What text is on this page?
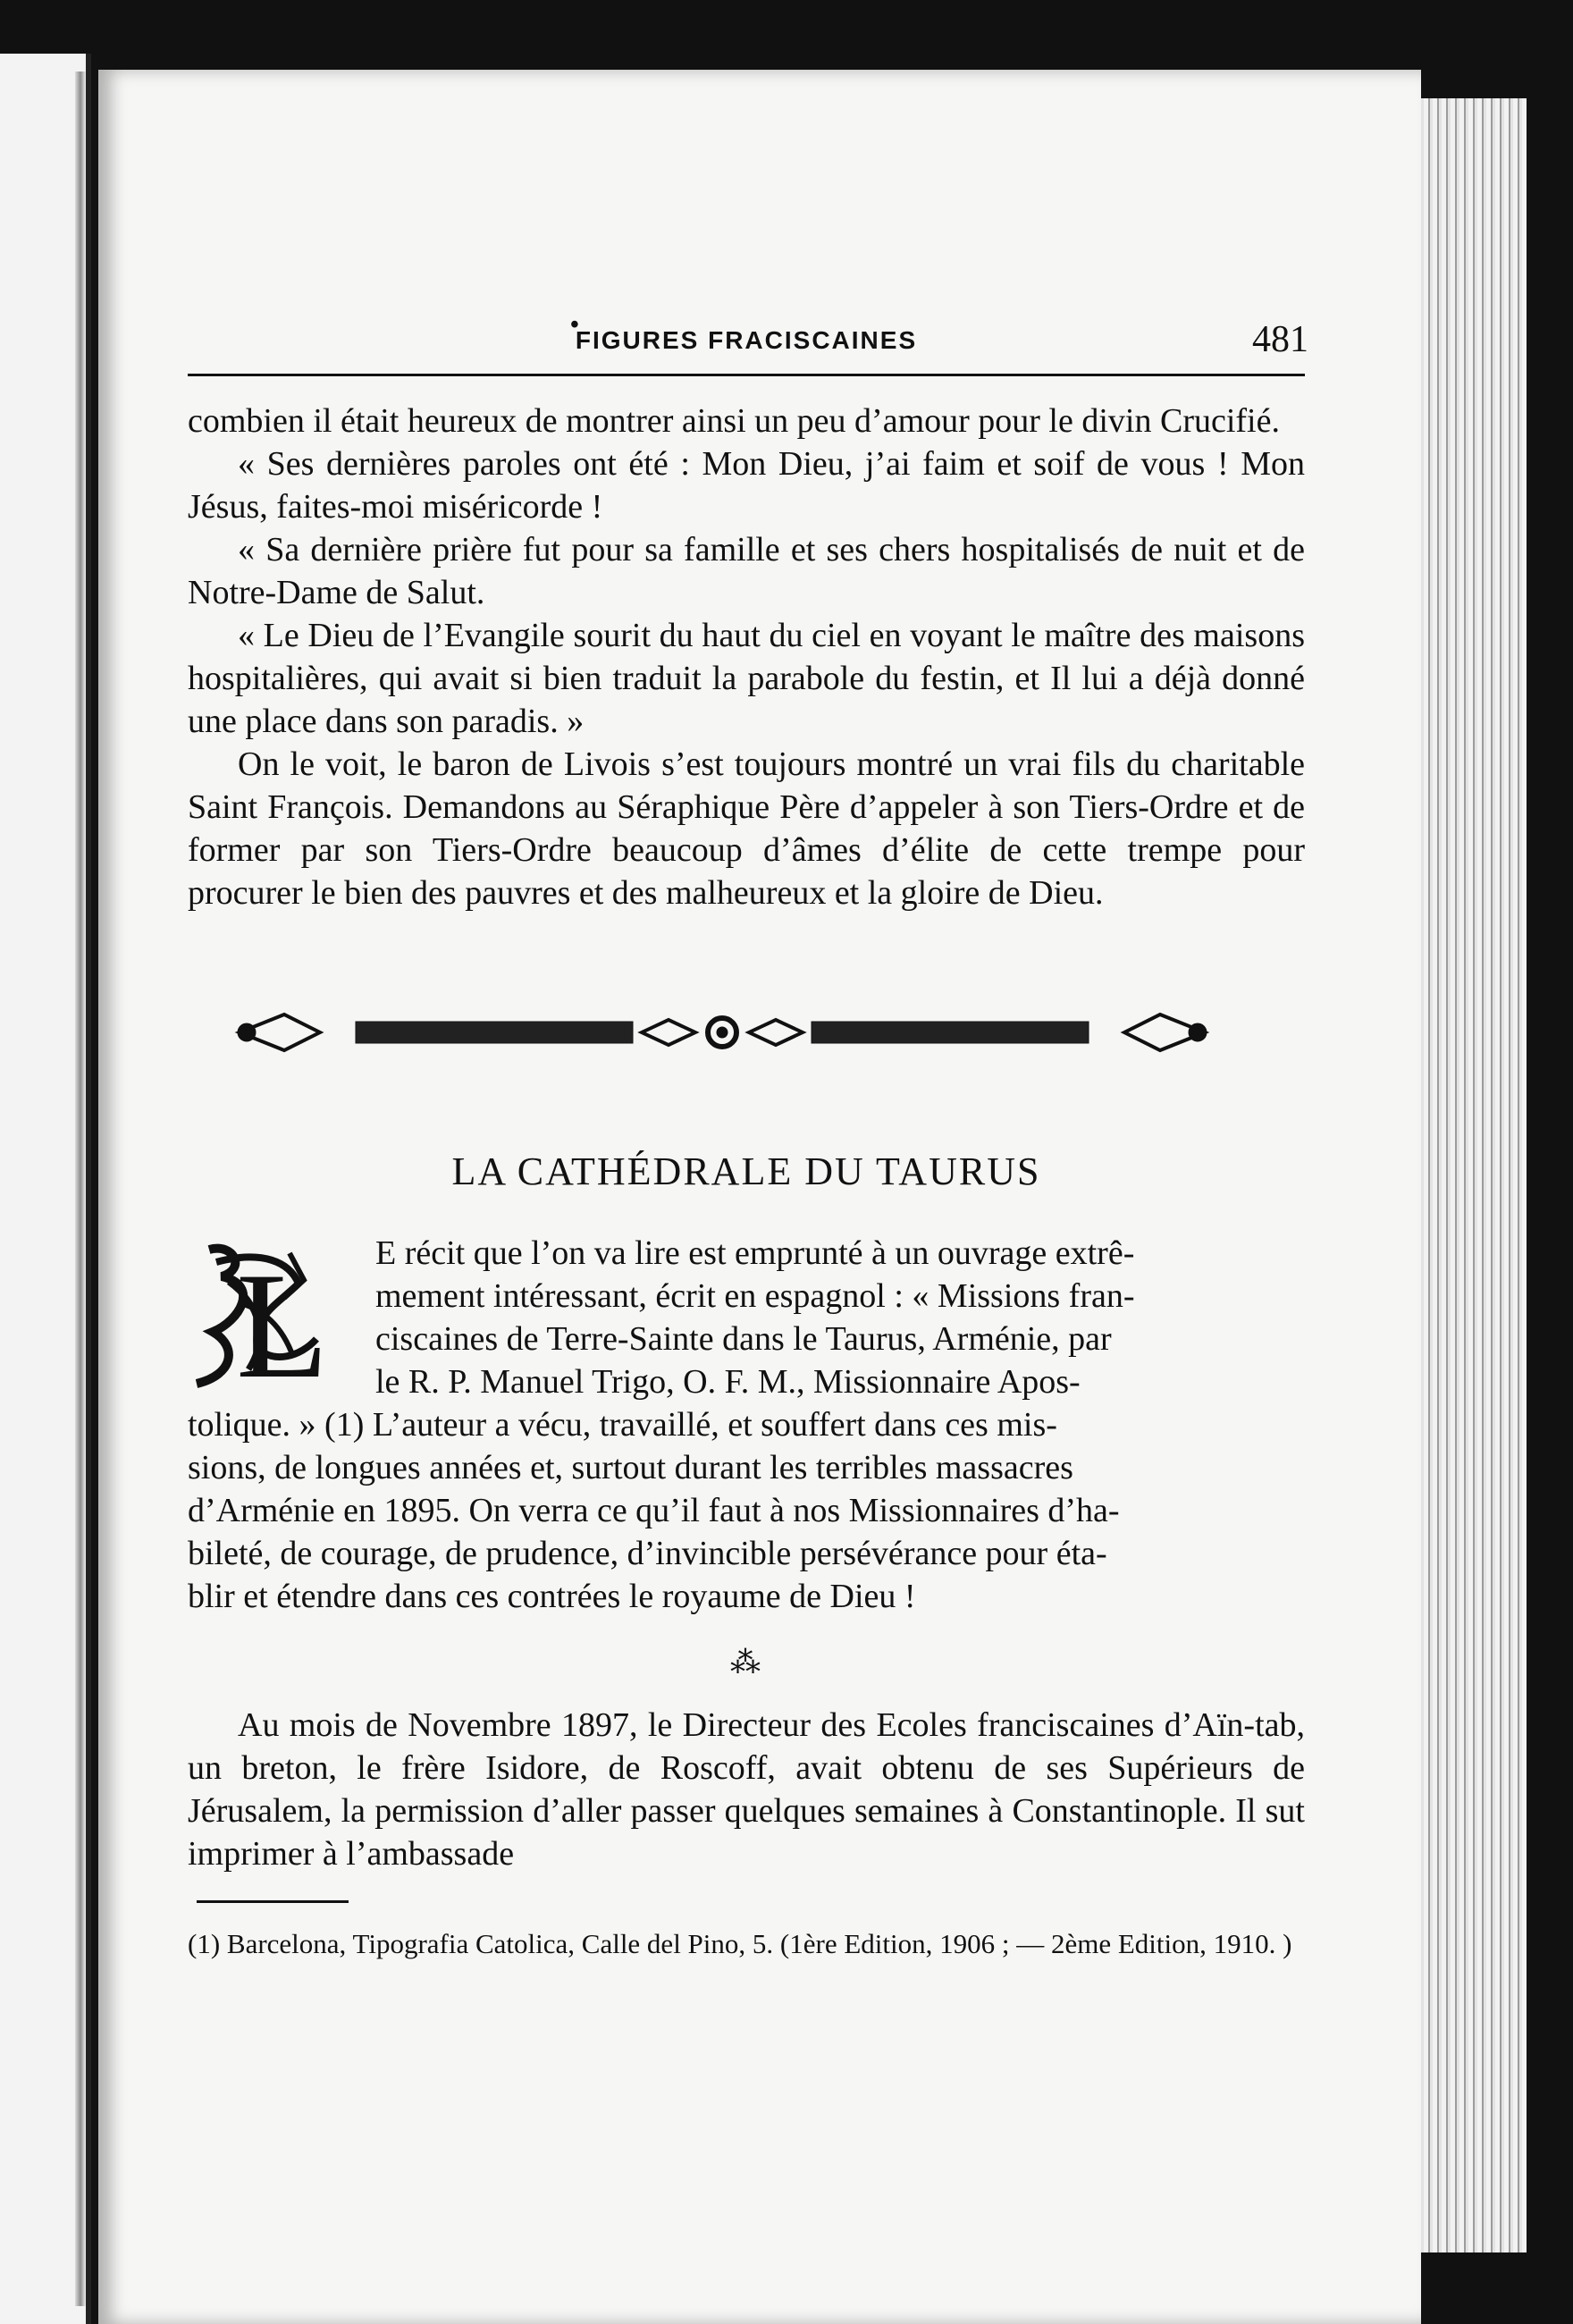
•
FIGURES FRACISCAINES	481

combien il était heureux de montrer ainsi un peu d’amour pour le divin Crucifié.

« Ses dernières paroles ont été : Mon Dieu, j’ai faim et soif de vous ! Mon Jésus, faites-moi miséricorde !

« Sa dernière prière fut pour sa famille et ses chers hospitalisés de nuit et de Notre-Dame de Salut.

« Le Dieu de l’Evangile sourit du haut du ciel en voyant le maître des maisons hospitalières, qui avait si bien traduit la parabole du festin, et Il lui a déjà donné une place dans son paradis. »

On le voit, le baron de Livois s’est toujours montré un vrai fils du charitable Saint François. Demandons au Séraphique Père d’appeler à son Tiers-Ordre et de former par son Tiers-Ordre beaucoup d’âmes d’élite de cette trempe pour procurer le bien des pauvres et des malheureux et la gloire de Dieu.

LA CATHÉDRALE DU TAURUS
L	E récit que l’on va lire est emprunté à un ouvrage extrê-
mement intéressant, écrit en espagnol : « Missions fran-
ciscaines de Terre-Sainte dans le Taurus, Arménie, par
le R. P. Manuel Trigo, O. F. M., Missionnaire Apos-
tolique. » (1) L’auteur a vécu, travaillé, et souffert dans ces mis-
sions, de longues années et, surtout durant les terribles massacres
d’Arménie en 1895. On verra ce qu’il faut à nos Missionnaires d’ha-
bileté, de courage, de prudence, d’invincible persévérance pour éta-
blir et étendre dans ces contrées le royaume de Dieu !
⁂

Au mois de Novembre 1897, le Directeur des Ecoles franciscaines d’Aïn-tab, un breton, le frère Isidore, de Roscoff, avait obtenu de ses Supérieurs de Jérusalem, la permission d’aller passer quelques semaines à Constantinople. Il sut imprimer à l’ambassade

(1) Barcelona, Tipografia Catolica, Calle del Pino, 5. (1ère Edition, 1906 ; — 2ème Edition, 1910. )
